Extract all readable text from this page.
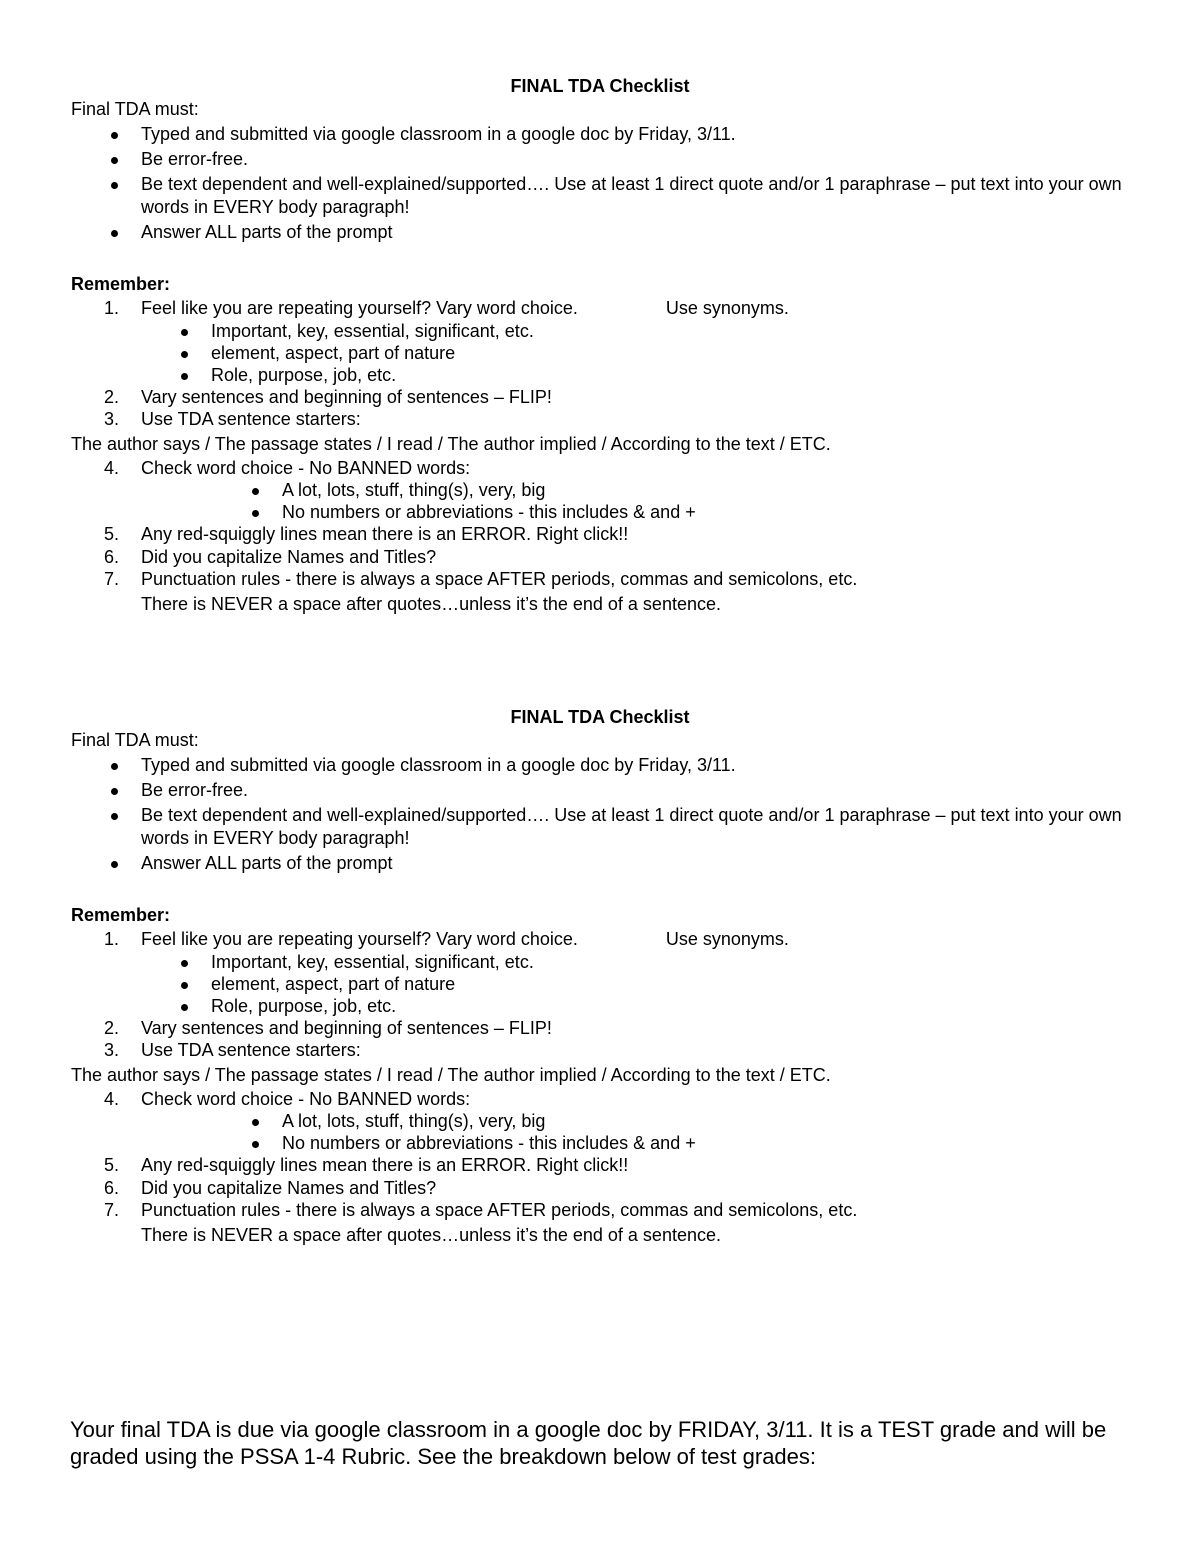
FINAL TDA Checklist
Final TDA must:
Typed and submitted via google classroom in a google doc by Friday, 3/11.
Be error-free.
Be text dependent and well-explained/supported…. Use at least 1 direct quote and/or 1 paraphrase – put text into your own words in EVERY body paragraph!
Answer ALL parts of the prompt
Remember:
1.	Feel like you are repeating yourself? Vary word choice.	Use synonyms.
Important, key, essential, significant, etc.
element, aspect, part of nature
Role, purpose, job, etc.
2.	Vary sentences and beginning of sentences – FLIP!
3.	Use TDA sentence starters:
The author says / The passage states / I read / The author implied / According to the text / ETC.
4.	Check word choice - No BANNED words:
A lot, lots, stuff, thing(s), very, big
No numbers or abbreviations - this includes & and +
5.	Any red-squiggly lines mean there is an ERROR. Right click!!
6.	Did you capitalize Names and Titles?
7.	Punctuation rules - there is always a space AFTER periods, commas and semicolons, etc.
There is NEVER a space after quotes…unless it’s the end of a sentence.
FINAL TDA Checklist
Final TDA must:
Typed and submitted via google classroom in a google doc by Friday, 3/11.
Be error-free.
Be text dependent and well-explained/supported…. Use at least 1 direct quote and/or 1 paraphrase – put text into your own words in EVERY body paragraph!
Answer ALL parts of the prompt
Remember:
1.	Feel like you are repeating yourself? Vary word choice.	Use synonyms.
Important, key, essential, significant, etc.
element, aspect, part of nature
Role, purpose, job, etc.
2.	Vary sentences and beginning of sentences – FLIP!
3.	Use TDA sentence starters:
The author says / The passage states / I read / The author implied / According to the text / ETC.
4.	Check word choice - No BANNED words:
A lot, lots, stuff, thing(s), very, big
No numbers or abbreviations - this includes & and +
5.	Any red-squiggly lines mean there is an ERROR. Right click!!
6.	Did you capitalize Names and Titles?
7.	Punctuation rules - there is always a space AFTER periods, commas and semicolons, etc.
There is NEVER a space after quotes…unless it’s the end of a sentence.
Your final TDA is due via google classroom in a google doc by FRIDAY, 3/11. It is a TEST grade and will be graded using the PSSA 1-4 Rubric. See the breakdown below of test grades:
